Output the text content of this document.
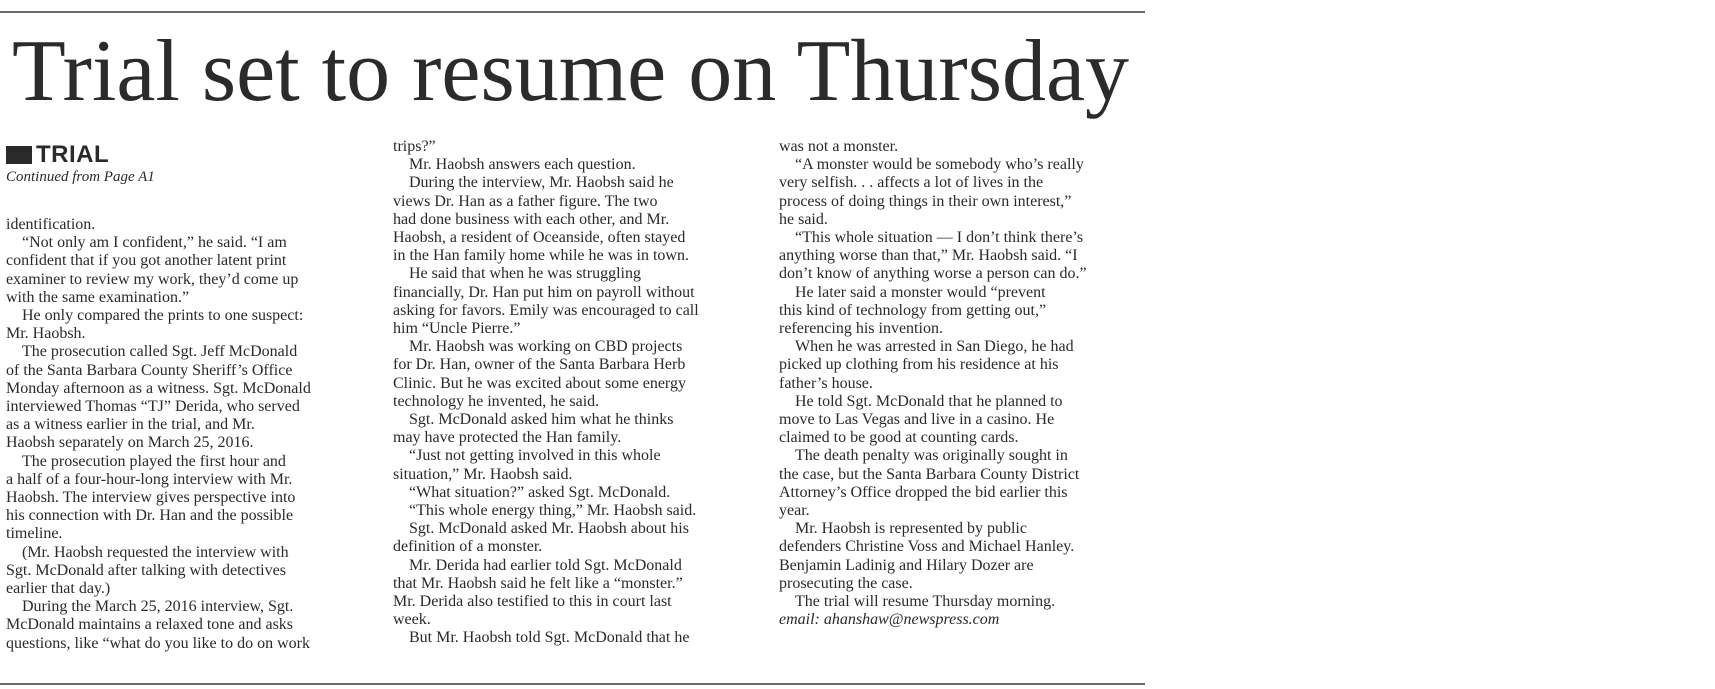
Trial set to resume on Thursday
TRIAL
Continued from Page A1

identification.

“Not only am I confident,” he said. “I am

confident that if you got another latent print

examiner to review my work, they’d come up

with the same examination.”

He only compared the prints to one suspect:

Mr. Haobsh.

The prosecution called Sgt. Jeff McDonald

of the Santa Barbara County Sheriff’s Office

Monday afternoon as a witness. Sgt. McDonald

interviewed Thomas “TJ” Derida, who served

as a witness earlier in the trial, and Mr.

Haobsh separately on March 25, 2016.

The prosecution played the first hour and

a half of a four-hour-long interview with Mr.

Haobsh. The interview gives perspective into

his connection with Dr. Han and the possible

timeline.

(Mr. Haobsh requested the interview with

Sgt. McDonald after talking with detectives

earlier that day.)

During the March 25, 2016 interview, Sgt.

McDonald maintains a relaxed tone and asks

questions, like “what do you like to do on work

trips?”

Mr. Haobsh answers each question.

During the interview, Mr. Haobsh said he

views Dr. Han as a father figure. The two

had done business with each other, and Mr.

Haobsh, a resident of Oceanside, often stayed

in the Han family home while he was in town.

He said that when he was struggling

financially, Dr. Han put him on payroll without

asking for favors. Emily was encouraged to call

him “Uncle Pierre.”

Mr. Haobsh was working on CBD projects

for Dr. Han, owner of the Santa Barbara Herb

Clinic. But he was excited about some energy

technology he invented, he said.

Sgt. McDonald asked him what he thinks

may have protected the Han family.

“Just not getting involved in this whole

situation,” Mr. Haobsh said.

“What situation?” asked Sgt. McDonald.

“This whole energy thing,” Mr. Haobsh said.

Sgt. McDonald asked Mr. Haobsh about his

definition of a monster.

Mr. Derida had earlier told Sgt. McDonald

that Mr. Haobsh said he felt like a “monster.”

Mr. Derida also testified to this in court last

week.

But Mr. Haobsh told Sgt. McDonald that he

was not a monster.

“A monster would be somebody who’s really

very selfish. . . affects a lot of lives in the

process of doing things in their own interest,”

he said.

“This whole situation — I don’t think there’s

anything worse than that,” Mr. Haobsh said. “I

don’t know of anything worse a person can do.”

He later said a monster would “prevent

this kind of technology from getting out,”

referencing his invention.

When he was arrested in San Diego, he had

picked up clothing from his residence at his

father’s house.

He told Sgt. McDonald that he planned to

move to Las Vegas and live in a casino. He

claimed to be good at counting cards.

The death penalty was originally sought in

the case, but the Santa Barbara County District

Attorney’s Office dropped the bid earlier this

year.

Mr. Haobsh is represented by public

defenders Christine Voss and Michael Hanley.

Benjamin Ladinig and Hilary Dozer are

prosecuting the case.

The trial will resume Thursday morning.

email: ahanshaw@newspress.com
